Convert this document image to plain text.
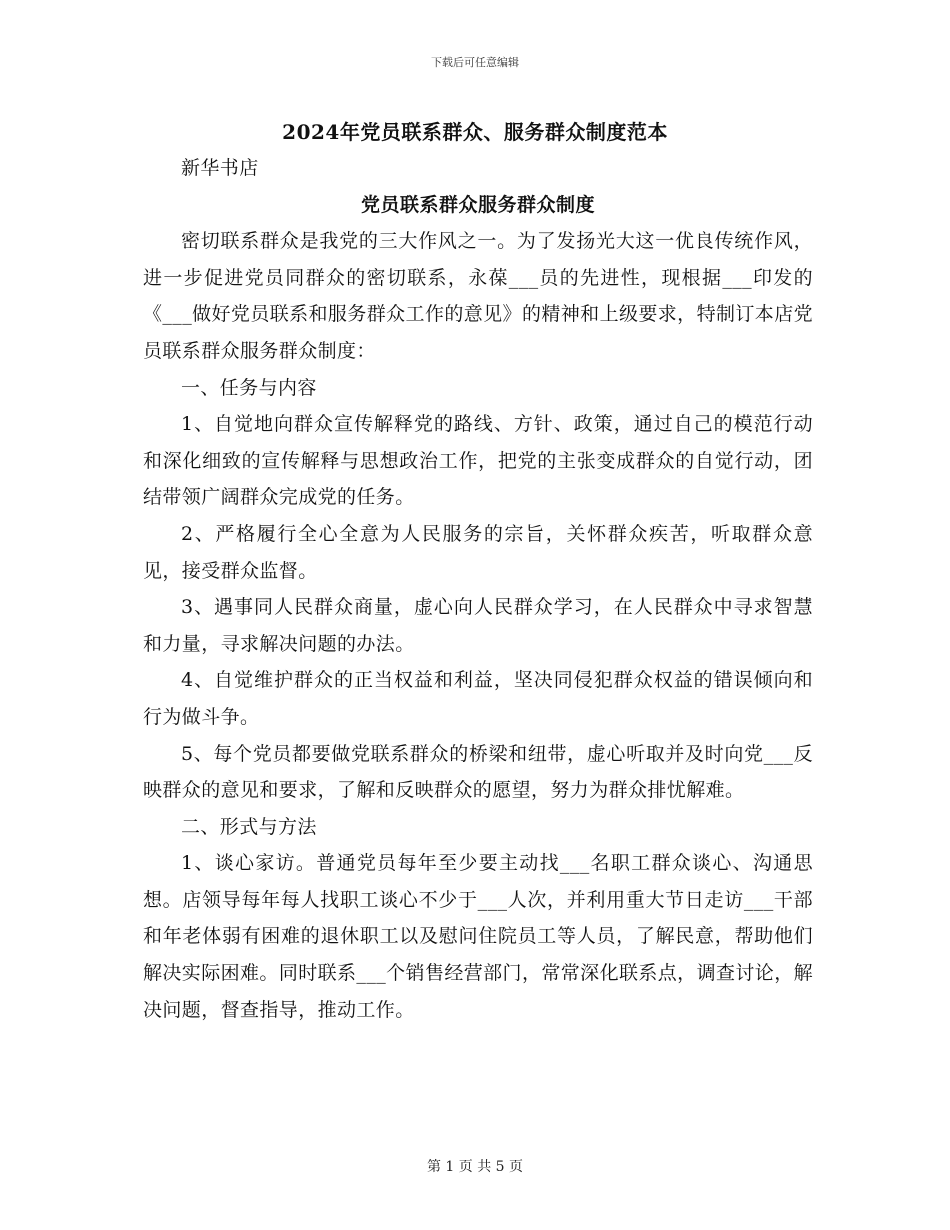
下载后可任意编辑
2024年党员联系群众、服务群众制度范本

新华书店

党员联系群众服务群众制度

密切联系群众是我党的三大作风之一。为了发扬光大这一优良传统作风，进一步促进党员同群众的密切联系，永葆___员的先进性，现根据___印发的《___做好党员联系和服务群众工作的意见》的精神和上级要求，特制订本店党员联系群众服务群众制度：

一、任务与内容

1、自觉地向群众宣传解释党的路线、方针、政策，通过自己的模范行动和深化细致的宣传解释与思想政治工作，把党的主张变成群众的自觉行动，团结带领广阔群众完成党的任务。

2、严格履行全心全意为人民服务的宗旨，关怀群众疾苦，听取群众意见，接受群众监督。

3、遇事同人民群众商量，虚心向人民群众学习，在人民群众中寻求智慧和力量，寻求解决问题的办法。

4、自觉维护群众的正当权益和利益，坚决同侵犯群众权益的错误倾向和行为做斗争。

5、每个党员都要做党联系群众的桥梁和纽带，虚心听取并及时向党___反映群众的意见和要求，了解和反映群众的愿望，努力为群众排忧解难。

二、形式与方法

1、谈心家访。普通党员每年至少要主动找___名职工群众谈心、沟通思想。店领导每年每人找职工谈心不少于___人次，并利用重大节日走访___干部和年老体弱有困难的退休职工以及慰问住院员工等人员，了解民意，帮助他们解决实际困难。同时联系___个销售经营部门，常常深化联系点，调查讨论，解决问题，督查指导，推动工作。

第 1 页 共 5 页
